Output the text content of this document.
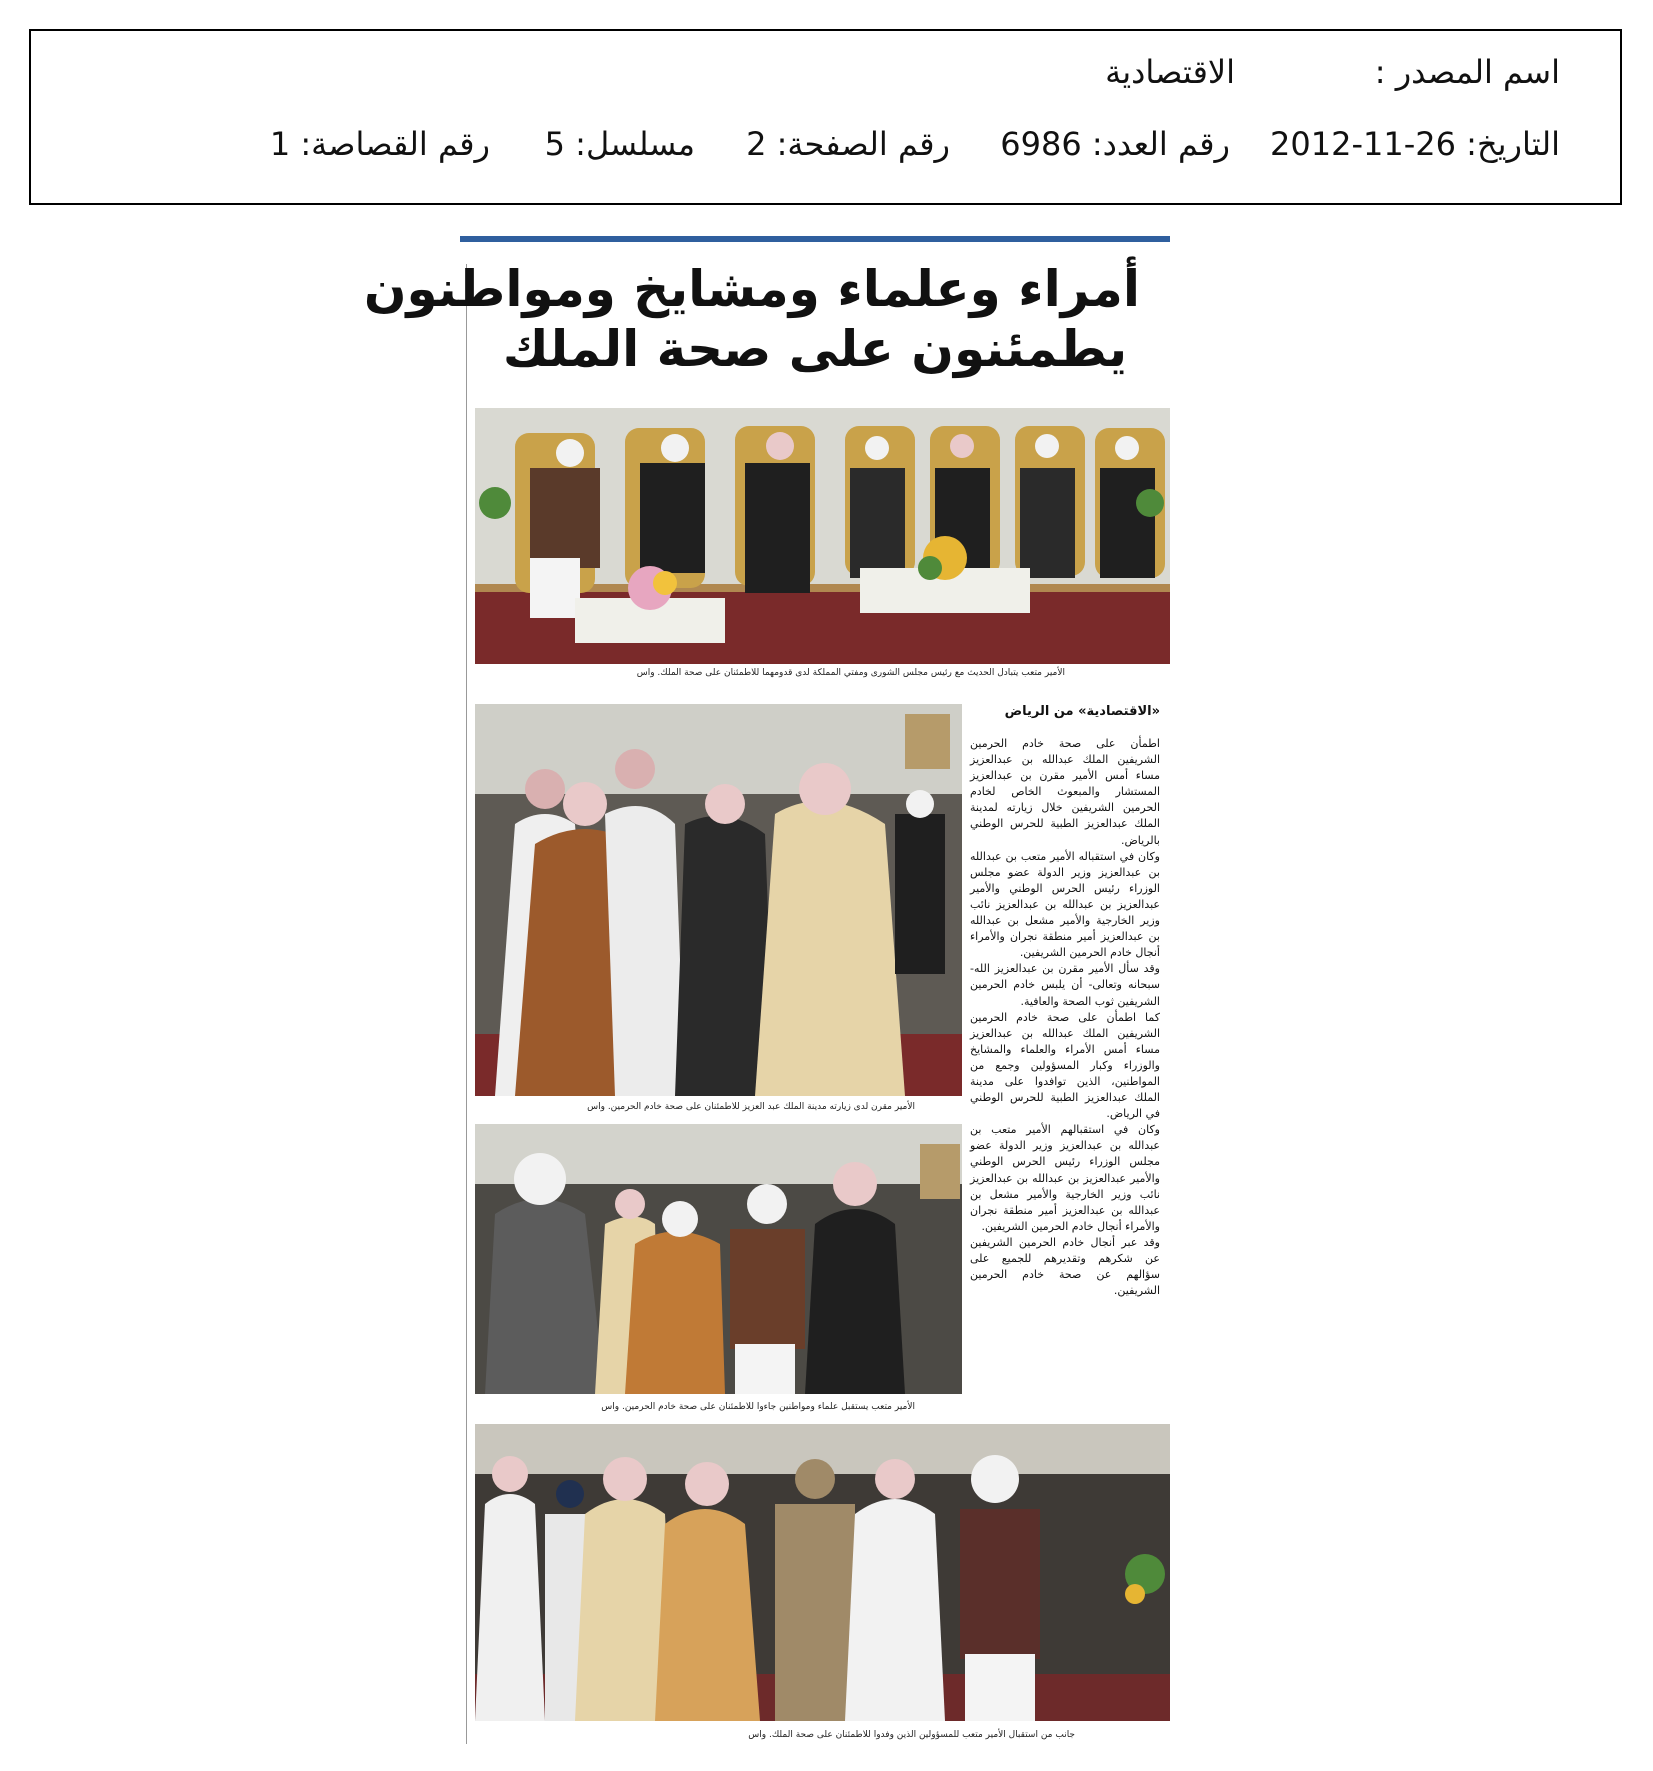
اسم المصدر :
الاقتصادية
التاريخ: 26-11-2012
رقم العدد: 6986
رقم الصفحة: 2
مسلسل: 5
رقم القصاصة: 1
أمراء وعلماء ومشايخ ومواطنون
يطمئنون على صحة الملك
الأمير متعب يتبادل الحديث مع رئيس مجلس الشورى ومفتي المملكة لدى قدومهما للاطمئنان على صحة الملك. واس
«الاقتصادية» من الرياض

اطمأن على صحة خادم الحرمين الشريفين الملك عبدالله بن عبدالعزيز مساء أمس الأمير مقرن بن عبدالعزيز المستشار والمبعوث الخاص لخادم الحرمين الشريفين خلال زيارته لمدينة الملك عبدالعزيز الطبية للحرس الوطني بالرياض.

وكان في استقباله الأمير متعب بن عبدالله بن عبدالعزيز وزير الدولة عضو مجلس الوزراء رئيس الحرس الوطني والأمير عبدالعزيز بن عبدالله بن عبدالعزيز نائب وزير الخارجية والأمير مشعل بن عبدالله بن عبدالعزيز أمير منطقة نجران والأمراء أنجال خادم الحرمين الشريفين.

وقد سأل الأمير مقرن بن عبدالعزيز الله- سبحانه وتعالى- أن يلبس خادم الحرمين الشريفين ثوب الصحة والعافية.

كما اطمأن على صحة خادم الحرمين الشريفين الملك عبدالله بن عبدالعزيز مساء أمس الأمراء والعلماء والمشايخ والوزراء وكبار المسؤولين وجمع من المواطنين، الذين توافدوا على مدينة الملك عبدالعزيز الطبية للحرس الوطني في الرياض.

وكان في استقبالهم الأمير متعب بن عبدالله بن عبدالعزيز وزير الدولة عضو مجلس الوزراء رئيس الحرس الوطني والأمير عبدالعزيز بن عبدالله بن عبدالعزيز نائب وزير الخارجية والأمير مشعل بن عبدالله بن عبدالعزيز أمير منطقة نجران والأمراء أنجال خادم الحرمين الشريفين.

وقد عبر أنجال خادم الحرمين الشريفين عن شكرهم وتقديرهم للجميع على سؤالهم عن صحة خادم الحرمين الشريفين.

الأمير مقرن لدى زيارته مدينة الملك عبد العزيز للاطمئنان على صحة خادم الحرمين. واس
الأمير متعب يستقبل علماء ومواطنين جاءوا للاطمئنان على صحة خادم الحرمين. واس
جانب من استقبال الأمير متعب للمسؤولين الذين وفدوا للاطمئنان على صحة الملك. واس
